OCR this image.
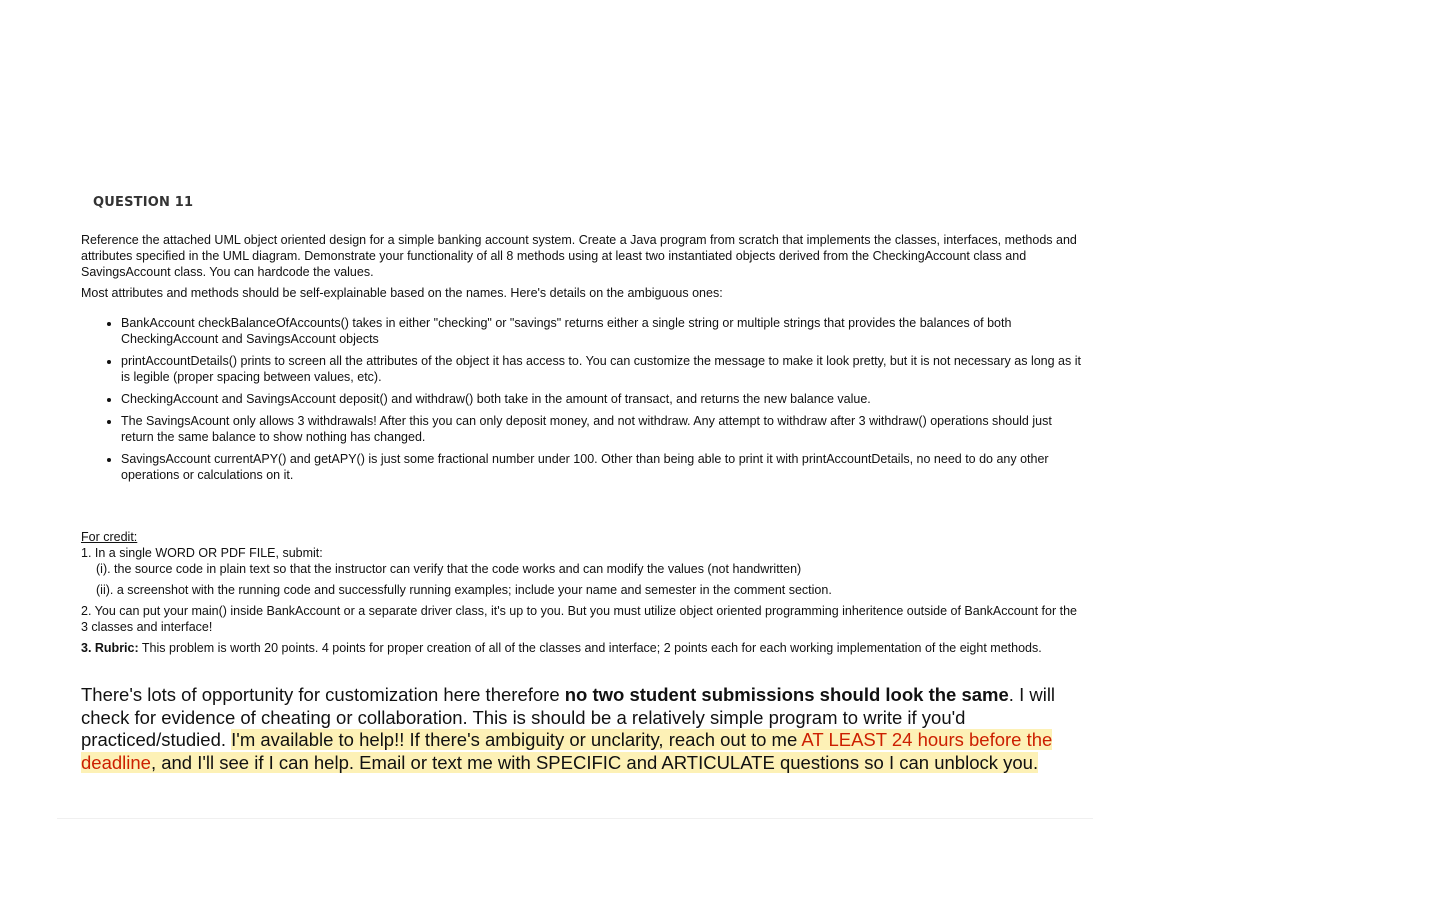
QUESTION 11

Reference the attached UML object oriented design for a simple banking account system. Create a Java program from scratch that implements the classes, interfaces, methods and attributes specified in the UML diagram. Demonstrate your functionality of all 8 methods using at least two instantiated objects derived from the CheckingAccount class and SavingsAccount class. You can hardcode the values.

Most attributes and methods should be self-explainable based on the names. Here's details on the ambiguous ones:

• BankAccount checkBalanceOfAccounts() takes in either "checking" or "savings" returns either a single string or multiple strings that provides the balances of both CheckingAccount and SavingsAccount objects
• printAccountDetails() prints to screen all the attributes of the object it has access to. You can customize the message to make it look pretty, but it is not necessary as long as it is legible (proper spacing between values, etc).
• CheckingAccount and SavingsAccount deposit() and withdraw() both take in the amount of transact, and returns the new balance value.
• The SavingsAcount only allows 3 withdrawals! After this you can only deposit money, and not withdraw. Any attempt to withdraw after 3 withdraw() operations should just return the same balance to show nothing has changed.
• SavingsAccount currentAPY() and getAPY() is just some fractional number under 100. Other than being able to print it with printAccountDetails, no need to do any other operations or calculations on it.

For credit:

1. In a single WORD OR PDF FILE, submit:

(i). the source code in plain text so that the instructor can verify that the code works and can modify the values (not handwritten)

(ii). a screenshot with the running code and successfully running examples; include your name and semester in the comment section.

2. You can put your main() inside BankAccount or a separate driver class, it's up to you. But you must utilize object oriented programming inheritence outside of BankAccount for the 3 classes and interface!

3. Rubric: This problem is worth 20 points. 4 points for proper creation of all of the classes and interface; 2 points each for each working implementation of the eight methods.

There's lots of opportunity for customization here therefore no two student submissions should look the same. I will check for evidence of cheating or collaboration. This is should be a relatively simple program to write if you'd practiced/studied. I'm available to help!! If there's ambiguity or unclarity, reach out to me AT LEAST 24 hours before the deadline, and I'll see if I can help. Email or text me with SPECIFIC and ARTICULATE questions so I can unblock you.
